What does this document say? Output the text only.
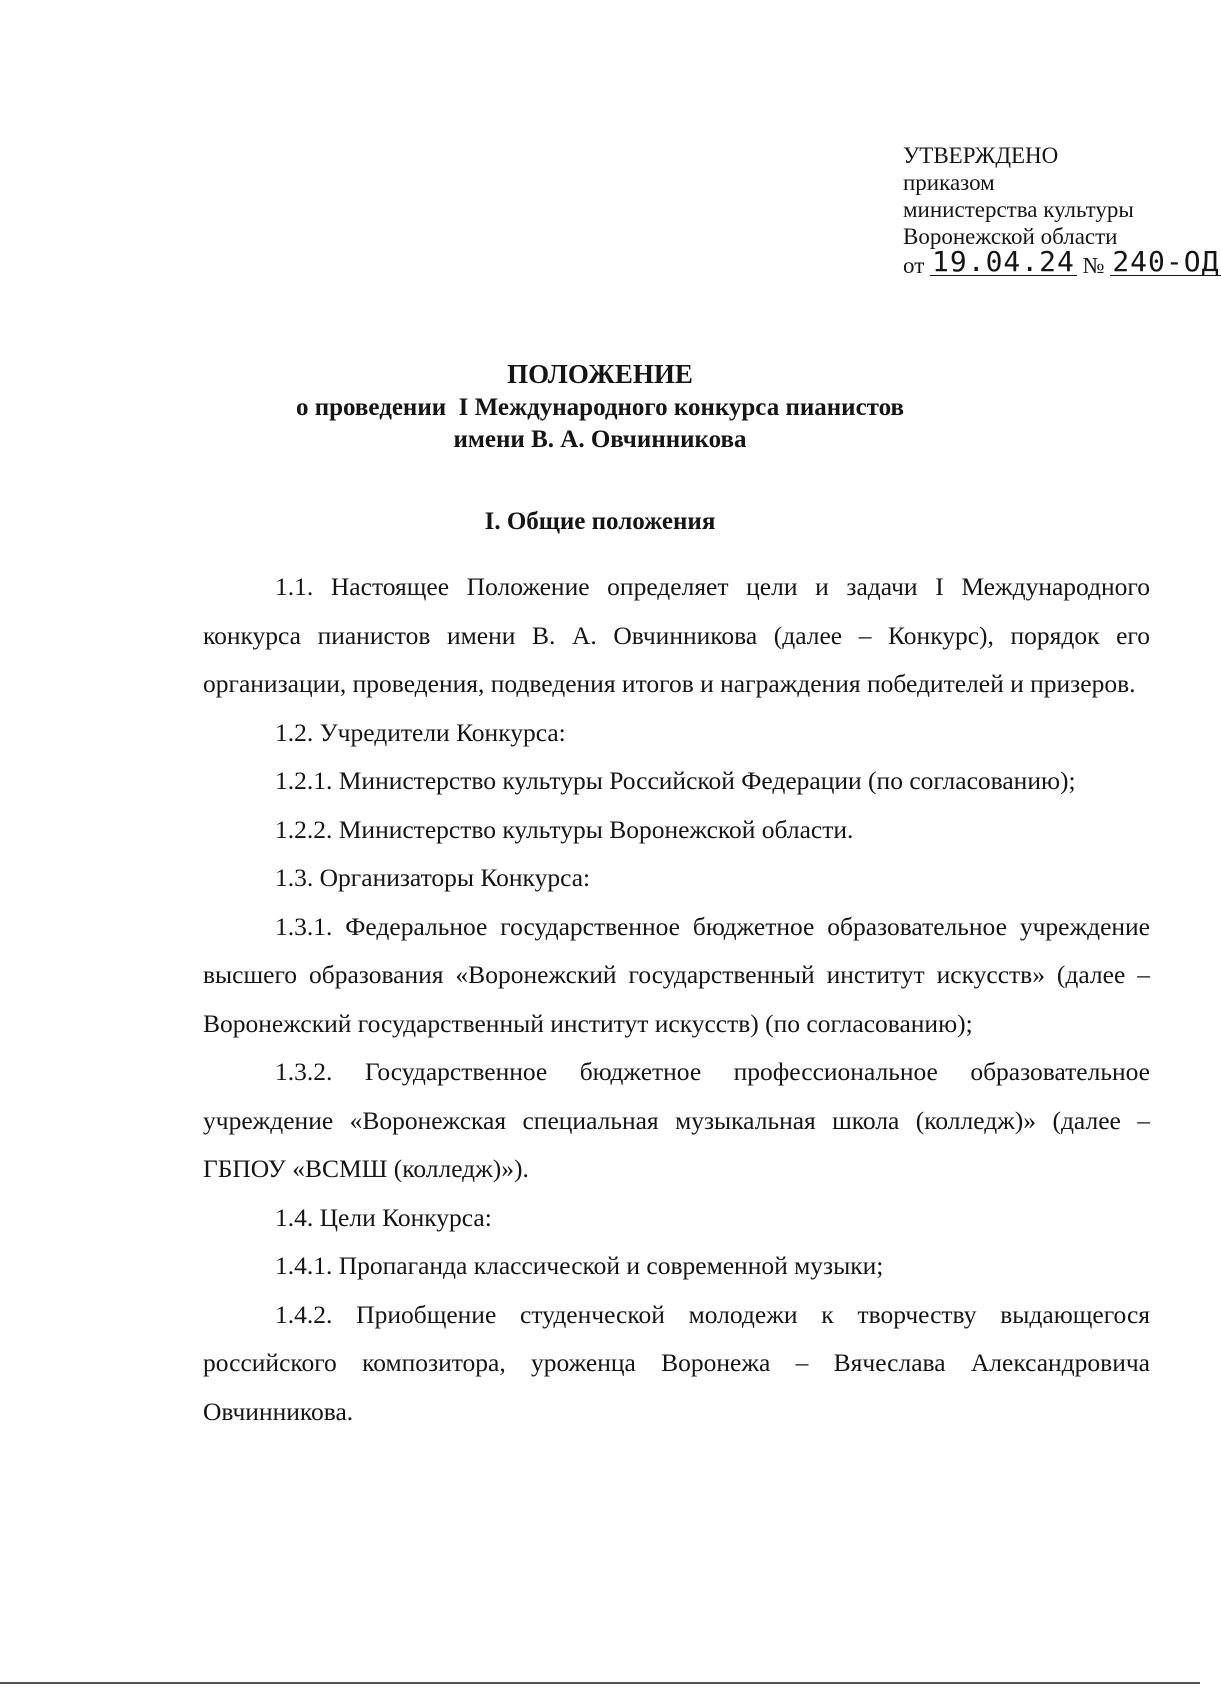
УТВЕРЖДЕНО
приказом
министерства культуры
Воронежской области
от 19.04.24 № 240-ОД
ПОЛОЖЕНИЕ
о проведении  I Международного конкурса пианистов
имени В. А. Овчинникова
I. Общие положения

1.1. Настоящее Положение определяет цели и задачи I Международного конкурса пианистов имени В. А. Овчинникова (далее – Конкурс), порядок его организации, проведения, подведения итогов и награждения победителей и призеров.

1.2. Учредители Конкурса:

1.2.1. Министерство культуры Российской Федерации (по согласованию);

1.2.2. Министерство культуры Воронежской области.

1.3. Организаторы Конкурса:

1.3.1. Федеральное государственное бюджетное образовательное учреждение высшего образования «Воронежский государственный институт искусств» (далее – Воронежский государственный институт искусств) (по согласованию);

1.3.2. Государственное бюджетное профессиональное образовательное учреждение «Воронежская специальная музыкальная школа (колледж)» (далее – ГБПОУ «ВСМШ (колледж)»).

1.4. Цели Конкурса:

1.4.1. Пропаганда классической и современной музыки;

1.4.2. Приобщение студенческой молодежи к творчеству выдающегося российского композитора, уроженца Воронежа – Вячеслава Александровича Овчинникова.
